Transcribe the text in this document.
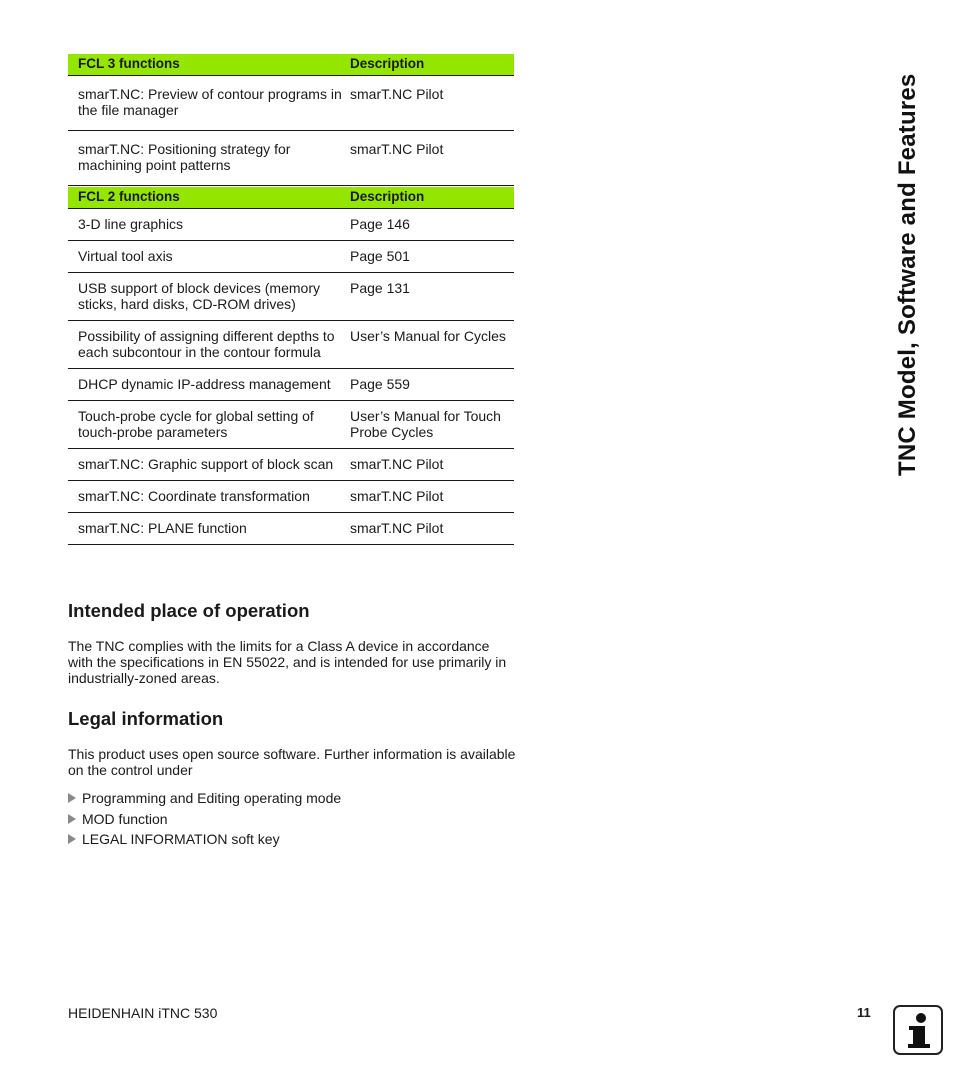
FCL 3 functions	Description
smarT.NC: Preview of contour programs in the file manager	smarT.NC Pilot
smarT.NC: Positioning strategy for machining point patterns	smarT.NC Pilot
FCL 2 functions	Description
3-D line graphics	Page 146
Virtual tool axis	Page 501
USB support of block devices (memory sticks, hard disks, CD-ROM drives)	Page 131
Possibility of assigning different depths to each subcontour in the contour formula	User’s Manual for Cycles
DHCP dynamic IP-address management	Page 559
Touch-probe cycle for global setting of touch-probe parameters	User’s Manual for Touch Probe Cycles
smarT.NC: Graphic support of block scan	smarT.NC Pilot
smarT.NC: Coordinate transformation	smarT.NC Pilot
smarT.NC: PLANE function	smarT.NC Pilot
Intended place of operation

The TNC complies with the limits for a Class A device in accordance with the specifications in EN 55022, and is intended for use primarily in industrially-zoned areas.

Legal information

This product uses open source software. Further information is available on the control under

Programming and Editing operating mode
MOD function
LEGAL INFORMATION soft key
TNC Model, Software and Features
HEIDENHAIN iTNC 530	11
